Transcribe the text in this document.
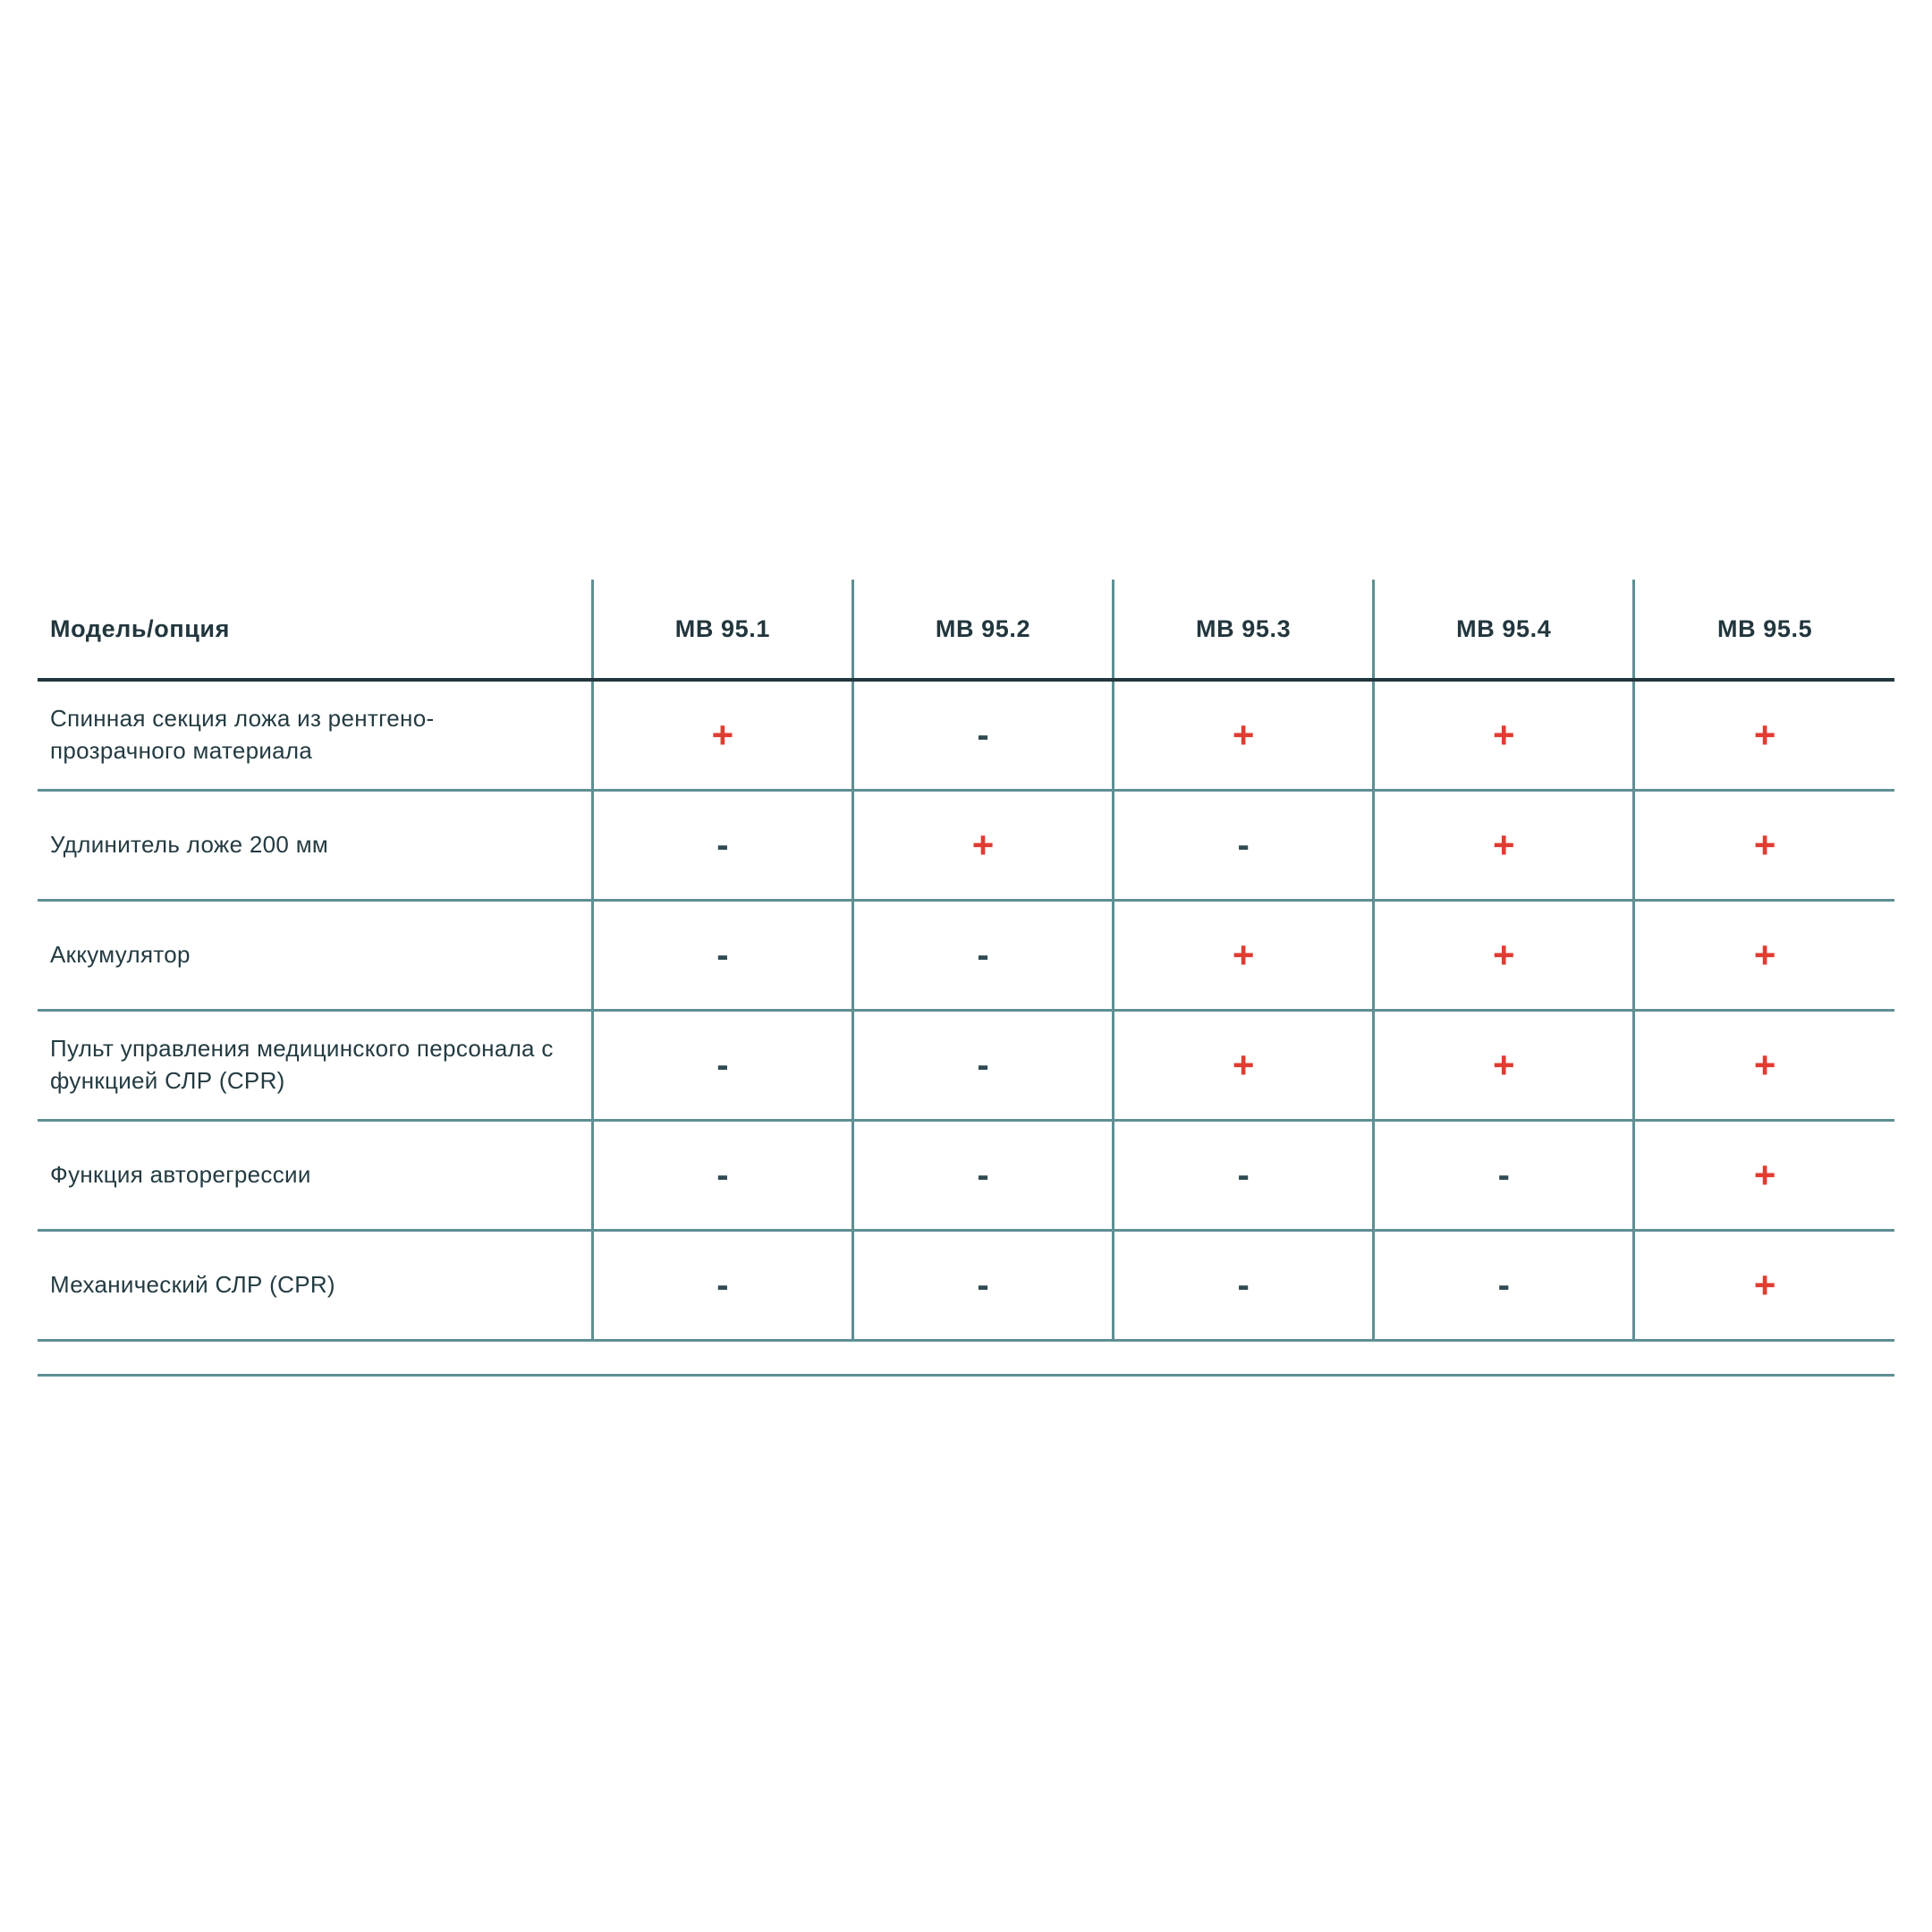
Модель/опция	МВ 95.1	МВ 95.2	МВ 95.3	МВ 95.4	МВ 95.5
Спинная секция ложа из рентгено-прозрачного материала	+	-	+	+	+
Удлинитель ложе 200 мм	-	+	-	+	+
Аккумулятор	-	-	+	+	+
Пульт управления медицинского персонала с функцией СЛР (CPR)	-	-	+	+	+
Функция авторегрессии	-	-	-	-	+
Механический СЛР (CPR)	-	-	-	-	+
